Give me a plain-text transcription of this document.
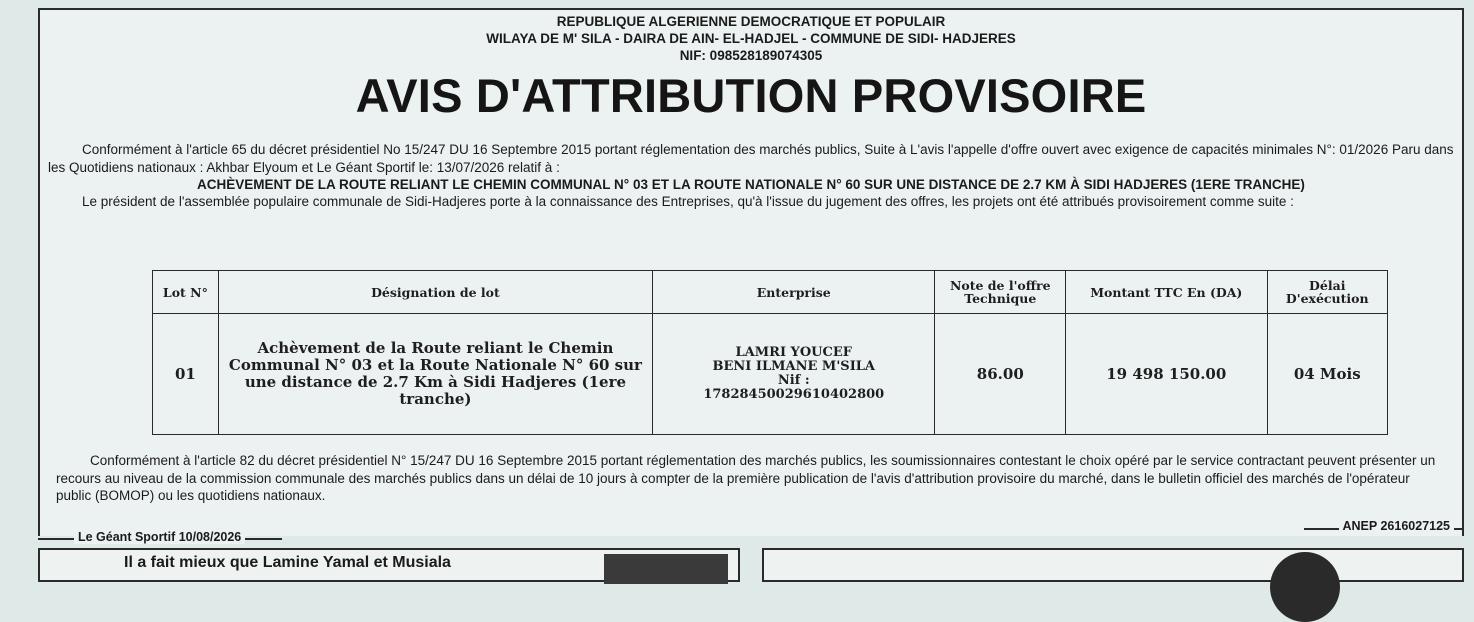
REPUBLIQUE ALGERIENNE DEMOCRATIQUE ET POPULAIR
WILAYA DE M' SILA - DAIRA DE AIN- EL-HADJEL - COMMUNE DE SIDI- HADJERES
NIF: 098528189074305
AVIS D'ATTRIBUTION PROVISOIRE
Conformément à l'article 65 du décret présidentiel No 15/247 DU 16 Septembre 2015 portant réglementation des marchés publics, Suite à L'avis l'appelle d'offre ouvert avec exigence de capacités minimales N°: 01/2026 Paru dans les Quotidiens nationaux : Akhbar Elyoum et Le Géant Sportif le: 13/07/2026 relatif à :
ACHÈVEMENT DE LA ROUTE RELIANT LE CHEMIN COMMUNAL N° 03 ET LA ROUTE NATIONALE N° 60 SUR UNE DISTANCE DE 2.7 KM À SIDI HADJERES (1ERE TRANCHE)
Le président de l'assemblée populaire communale de Sidi-Hadjeres porte à la connaissance des Entreprises, qu'à l'issue du jugement des offres, les projets ont été attribués provisoirement comme suite :
Lot N°	Désignation de lot	Enterprise	Note de l'offre Technique	Montant TTC En (DA)	Délai D'exécution
01	Achèvement de la Route reliant le Chemin Communal N° 03 et la Route Nationale N° 60 sur une distance de 2.7 Km à Sidi Hadjeres (1ere tranche)	LAMRI YOUCEF
BENI ILMANE M'SILA
Nif :
17828450029610402800	86.00	19 498 150.00	04 Mois
Conformément à l'article 82 du décret présidentiel N° 15/247 DU 16 Septembre 2015 portant réglementation des marchés publics, les soumissionnaires contestant le choix opéré par le service contractant peuvent présenter un recours au niveau de la commission communale des marchés publics dans un délai de 10 jours à compter de la première publication de l'avis d'attribution provisoire du marché, dans le bulletin officiel des marchés de l'opérateur public (BOMOP) ou les quotidiens nationaux.
Le Géant Sportif 10/08/2026
ANEP 2616027125
Il a fait mieux que Lamine Yamal et Musiala
